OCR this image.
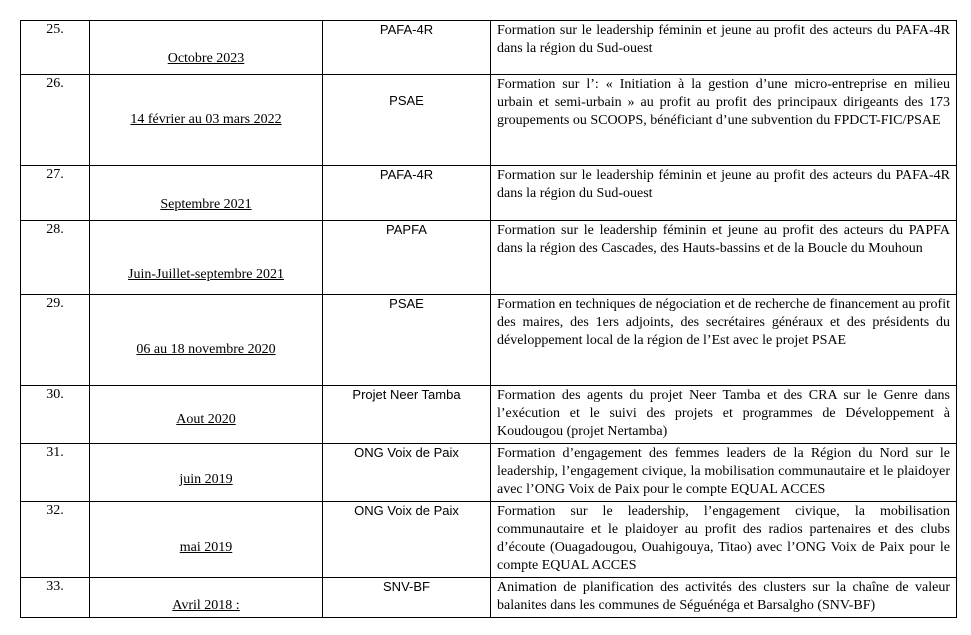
25.	Octobre 2023	PAFA-4R	Formation sur le leadership féminin et jeune au profit des acteurs du PAFA-4R dans la région du Sud-ouest

26.	14 février au 03 mars 2022	PSAE	Formation sur l’: « Initiation à la gestion d’une micro-entreprise en milieu urbain et semi-urbain » au profit au profit des principaux dirigeants des 173 groupements ou SCOOPS, bénéficiant d’une subvention du FPDCT-FIC/PSAE

27.	Septembre 2021	PAFA-4R	Formation sur le leadership féminin et jeune au profit des acteurs du PAFA-4R dans la région du Sud-ouest

28.	Juin-Juillet-septembre 2021	PAPFA	Formation sur le leadership féminin et jeune au profit des acteurs du PAPFA dans la région des Cascades, des Hauts-bassins et de la Boucle du Mouhoun

29.	06 au 18 novembre 2020	PSAE	Formation en techniques de négociation et de recherche de financement au profit des maires, des 1ers adjoints, des secrétaires généraux et des présidents du développement local de la région de l’Est avec le projet PSAE

30.	Aout 2020	Projet Neer Tamba	Formation des agents du projet Neer Tamba et des CRA sur le Genre dans l’exécution et le suivi des projets et programmes de Développement à Koudougou (projet Nertamba)

31.	juin 2019	ONG Voix de Paix	Formation d’engagement des femmes leaders de la Région du Nord sur le leadership, l’engagement civique, la mobilisation communautaire et le plaidoyer avec l’ONG Voix de Paix pour le compte EQUAL ACCES

32.	mai 2019	ONG Voix de Paix	Formation sur le leadership, l’engagement civique, la mobilisation communautaire et le plaidoyer au profit des radios partenaires et des clubs d’écoute (Ouagadougou, Ouahigouya, Titao) avec l’ONG Voix de Paix pour le compte EQUAL ACCES

33.	Avril 2018 :	SNV-BF	Animation de planification des activités des clusters sur la chaîne de valeur balanites dans les communes de Séguénéga et Barsalgho (SNV-BF)
